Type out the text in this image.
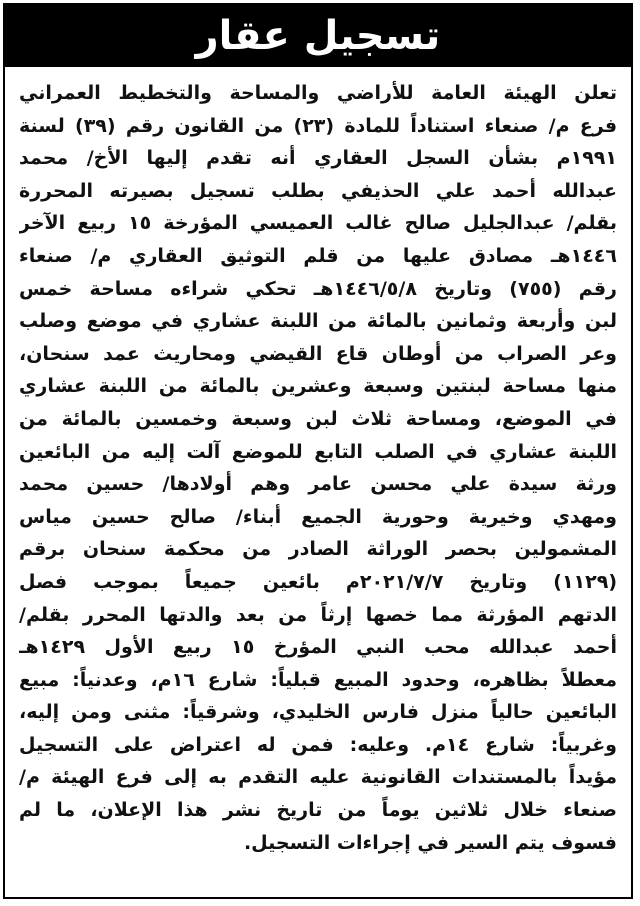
تسجيل عقار
تعلن الهيئة العامة للأراضي والمساحة والتخطيط العمراني
فرع م/ صنعاء استناداً للمادة (٢٣) من القانون رقم (٣٩) لسنة
١٩٩١م بشأن السجل العقاري أنه تقدم إليها الأخ/ محمد
عبدالله أحمد علي الحذيفي بطلب تسجيل بصيرته المحررة
بقلم/ عبدالجليل صالح غالب العميسي المؤرخة ١٥ ربيع الآخر
١٤٤٦هـ مصادق عليها من قلم التوثيق العقاري م/ صنعاء
رقم (٧٥٥) وتاريخ ١٤٤٦/٥/٨هـ تحكي شراءه مساحة خمس
لبن وأربعة وثمانين بالمائة من اللبنة عشاري في موضع وصلب
وعر الصراب من أوطان قاع القيضي ومحاريث عمد سنحان،
منها مساحة لبنتين وسبعة وعشرين بالمائة من اللبنة عشاري
في الموضع، ومساحة ثلاث لبن وسبعة وخمسين بالمائة من
اللبنة عشاري في الصلب التابع للموضع آلت إليه من البائعين
ورثة سيدة علي محسن عامر وهم أولادها/ حسين محمد
ومهدي وخيرية وحورية الجميع أبناء/ صالح حسين مياس
المشمولين بحصر الوراثة الصادر من محكمة سنحان برقم
(١١٢٩) وتاريخ ٢٠٢١/٧/٧م بائعين جميعاً بموجب فصل
الدتهم المؤرثة مما خصها إرثاً من بعد والدتها المحرر بقلم/
أحمد عبدالله محب النبي المؤرخ ١٥ ربيع الأول ١٤٢٩هـ
معطلاً بظاهره، وحدود المبيع قبلياً: شارع ١٦م، وعدنياً: مبيع
البائعين حالياً منزل فارس الخليدي، وشرقياً: مثنى ومن إليه،
وغربياً: شارع ١٤م. وعليه: فمن له اعتراض على التسجيل
مؤيداً بالمستندات القانونية عليه التقدم به إلى فرع الهيئة م/
صنعاء خلال ثلاثين يوماً من تاريخ نشر هذا الإعلان، ما لم
فسوف يتم السير في إجراءات التسجيل.
